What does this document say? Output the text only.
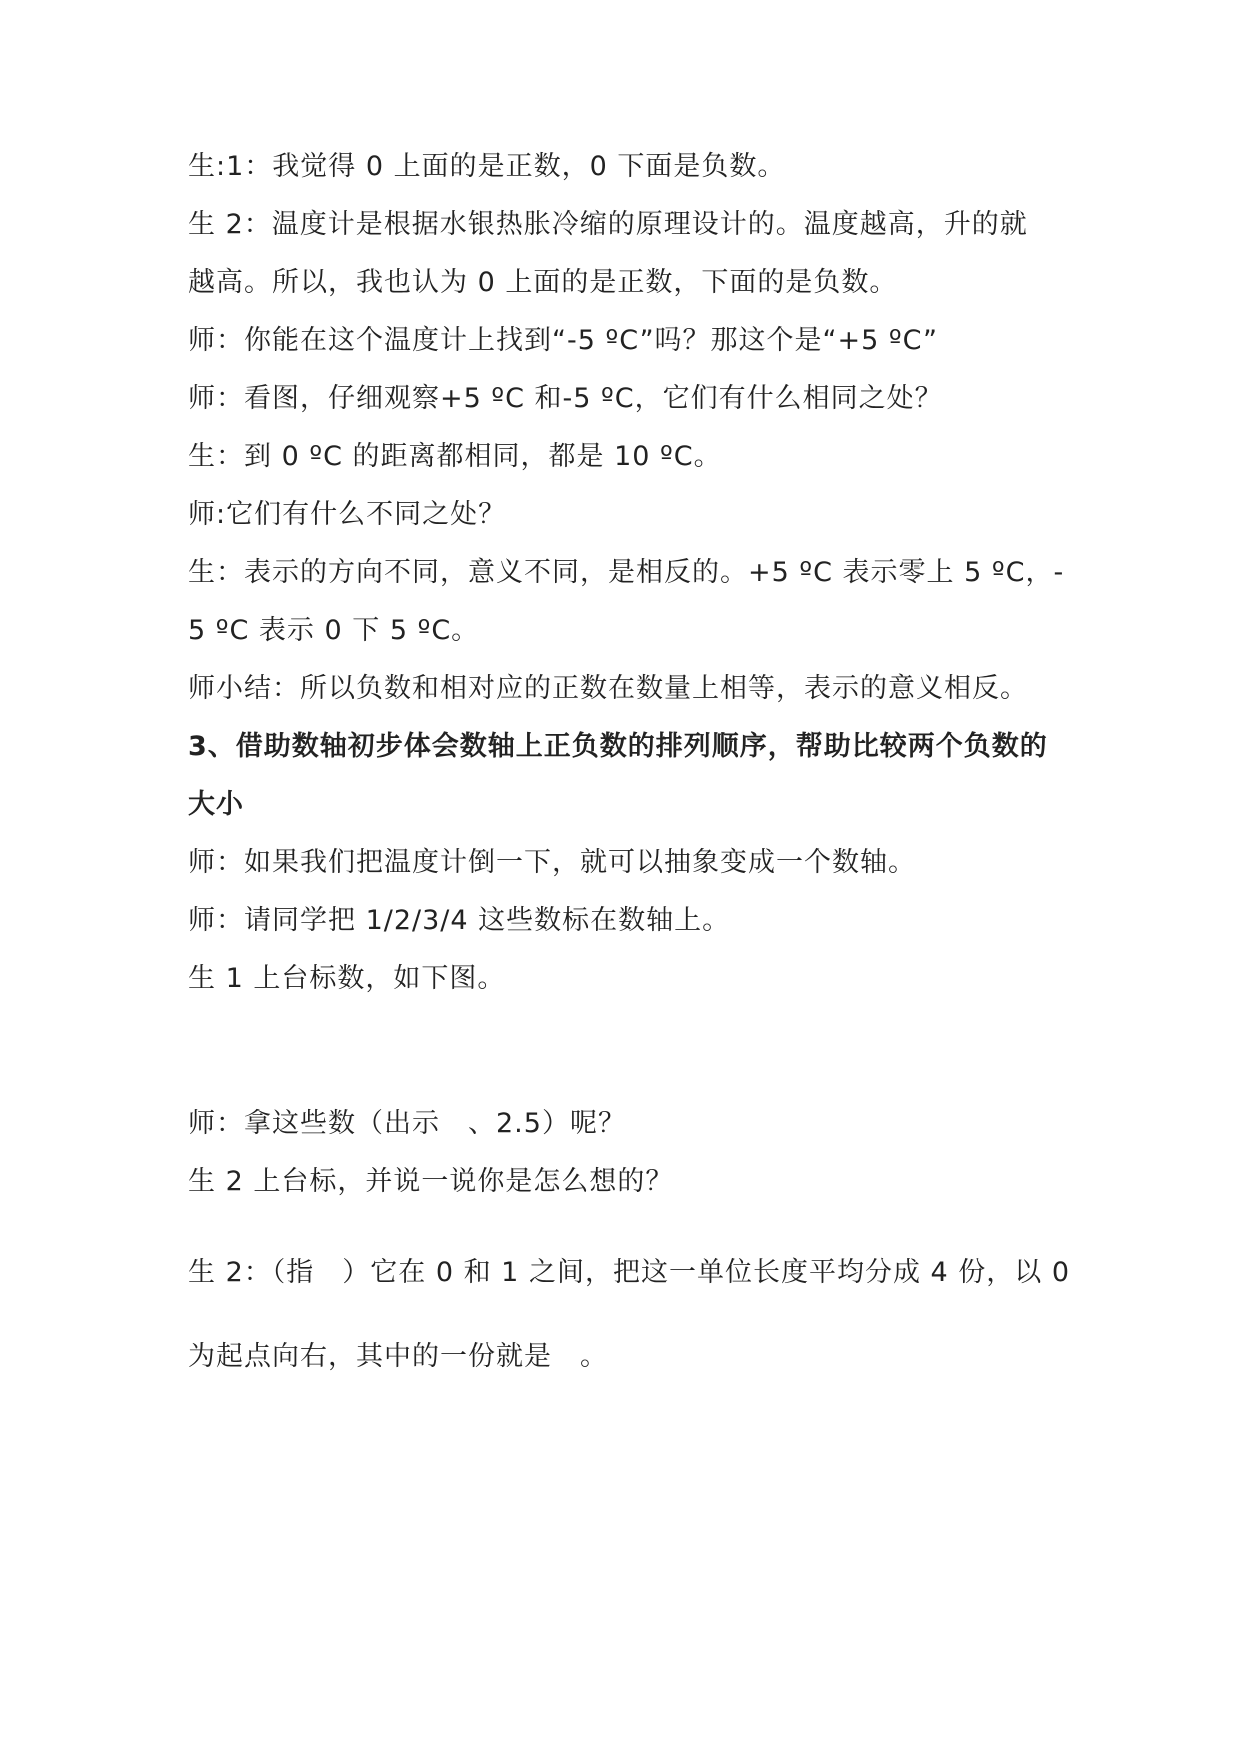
生:1：我觉得 0 上面的是正数，0 下面是负数。
生 2：温度计是根据水银热胀冷缩的原理设计的。温度越高，升的就
越高。所以，我也认为 0 上面的是正数，下面的是负数。
师：你能在这个温度计上找到“-5 ºC”吗？那这个是“+5 ºC”
师：看图，仔细观察+5 ºC 和-5 ºC，它们有什么相同之处？
生：到 0 ºC 的距离都相同，都是 10 ºC。
师:它们有什么不同之处？
生：表示的方向不同，意义不同，是相反的。+5 ºC 表示零上 5 ºC，-
5 ºC 表示 0 下 5 ºC。
师小结：所以负数和相对应的正数在数量上相等，表示的意义相反。
3、借助数轴初步体会数轴上正负数的排列顺序，帮助比较两个负数的
大小
师：如果我们把温度计倒一下，就可以抽象变成一个数轴。
师：请同学把 1/2/3/4 这些数标在数轴上。
生 1 上台标数，如下图。
师：拿这些数（出示　、2.5）呢？
生 2 上台标，并说一说你是怎么想的？
生 2：（指　）它在 0 和 1 之间，把这一单位长度平均分成 4 份，以 0
为起点向右，其中的一份就是　。
